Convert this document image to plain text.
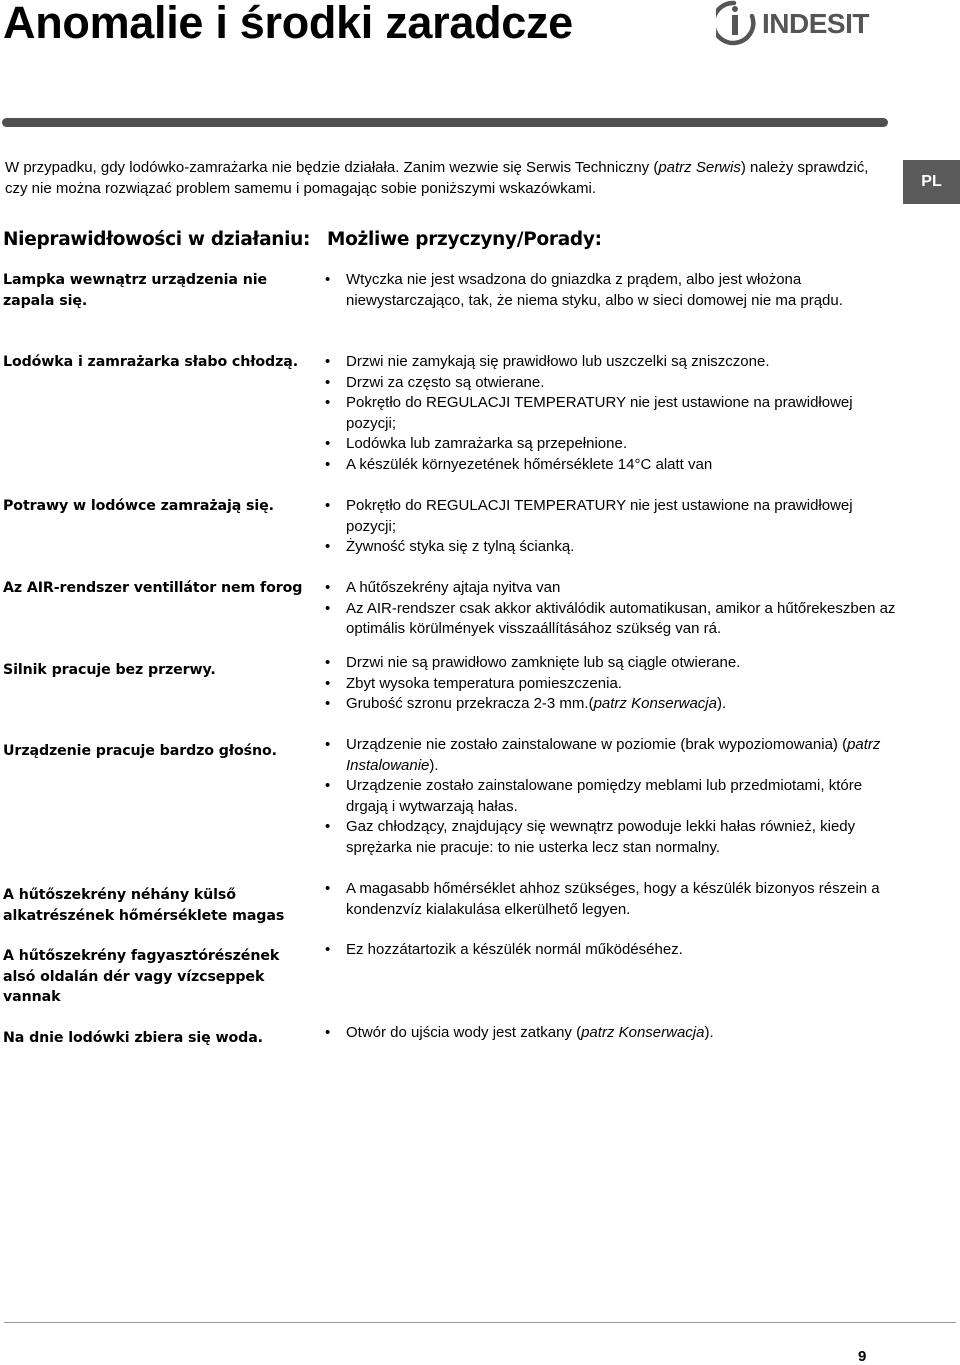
Anomalie i środki zaradcze	INDESIT

W przypadku, gdy lodówko-zamrażarka nie będzie działała. Zanim wezwie się Serwis Techniczny (patrz Serwis) należy sprawdzić, czy nie można rozwiązać problem samemu i pomagając sobie poniższymi wskazówkami.	PL
Nieprawidłowości w działaniu: Możliwe przyczyny/Porady:
Lampka wewnątrz urządzenia nie zapala się.
• Wtyczka nie jest wsadzona do gniazdka z prądem, albo jest włożona niewystarczająco, tak, że niema styku, albo w sieci domowej nie ma prądu.
Lodówka i zamrażarka słabo chłodzą.	• Drzwi nie zamykają się prawidłowo lub uszczelki są zniszczone.
• Drzwi za często są otwierane.
• Pokrętło do REGULACJI TEMPERATURY nie jest ustawione na prawidłowej pozycji;
• Lodówka lub zamrażarka są przepełnione.
• A készülék környezetének hőmérséklete 14°C alatt van
Potrawy w lodówce zamrażają się.	• Pokrętło do REGULACJI TEMPERATURY nie jest ustawione na prawidłowej pozycji;
• Żywność styka się z tylną ścianką.
Az AIR-rendszer ventillátor nem forog	• A hűtőszekrény ajtaja nyitva van
• Az AIR-rendszer csak akkor aktiválódik automatikusan, amikor a hűtőrekeszben az optimális körülmények visszaállításához szükség van rá.
Silnik pracuje bez przerwy.	• Drzwi nie są prawidłowo zamknięte lub są ciągle otwierane.
• Zbyt wysoka temperatura pomieszczenia.
• Grubość szronu przekracza 2-3 mm.(patrz Konserwacja).
Urządzenie pracuje bardzo głośno.	• Urządzenie nie zostało zainstalowane w poziomie (brak wypoziomowania) (patrz Instalowanie).
• Urządzenie zostało zainstalowane pomiędzy meblami lub przedmiotami, które drgają i wytwarzają hałas.
• Gaz chłodzący, znajdujący się wewnątrz powoduje lekki hałas również, kiedy sprężarka nie pracuje: to nie usterka lecz stan normalny.
A hűtőszekrény néhány külső alkatrészének hőmérséklete magas
• A magasabb hőmérséklet ahhoz szükséges, hogy a készülék bizonyos részein a kondenzvíz kialakulása elkerülhető legyen.
A hűtőszekrény fagyasztórészének alsó oldalán dér vagy vízcseppek vannak
• Ez hozzátartozik a készülék normál működéséhez.
Na dnie lodówki zbiera się woda.	• Otwór do ujścia wody jest zatkany (patrz Konserwacja).
9
